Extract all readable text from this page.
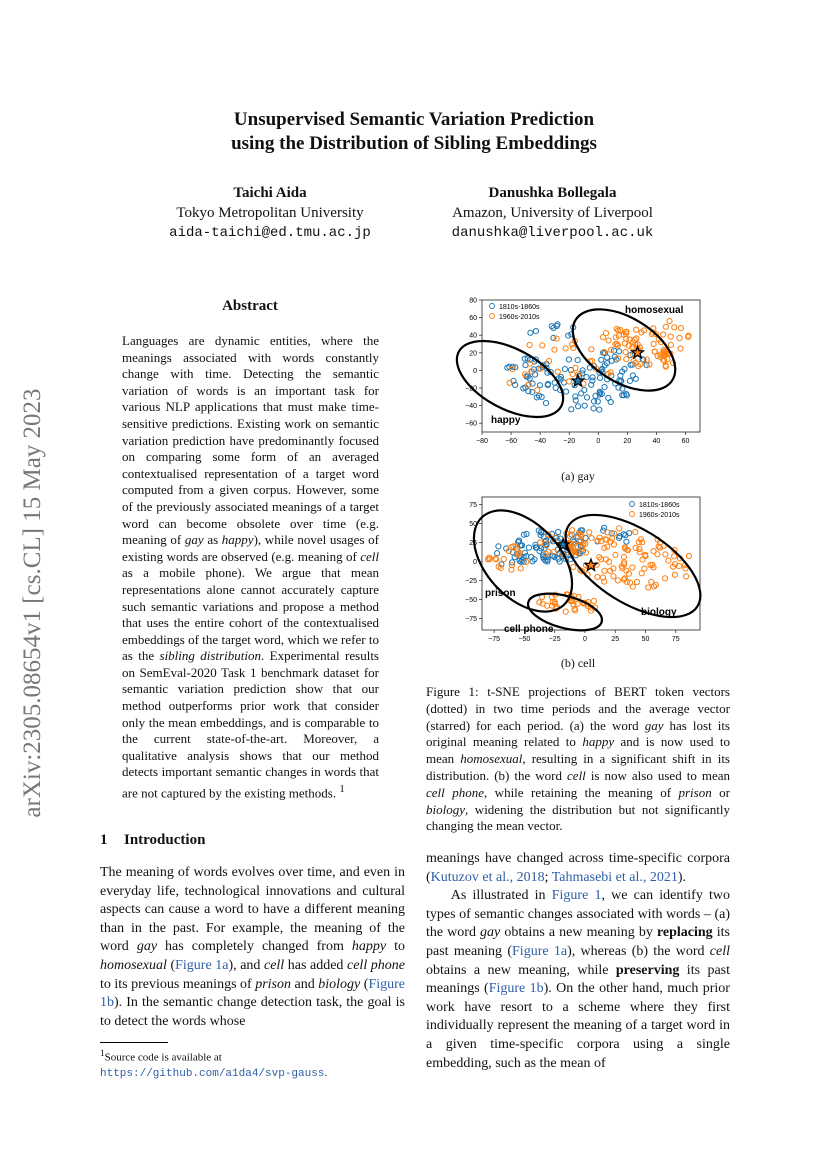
Unsupervised Semantic Variation Prediction
using the Distribution of Sibling Embeddings
Taichi Aida
Tokyo Metropolitan University
aida-taichi@ed.tmu.ac.jp
Danushka Bollegala
Amazon, University of Liverpool
danushka@liverpool.ac.uk
arXiv:2305.08654v1 [cs.CL] 15 May 2023
Abstract
Languages are dynamic entities, where the meanings associated with words constantly change with time. Detecting the semantic variation of words is an important task for various NLP applications that must make time-sensitive predictions. Existing work on semantic variation prediction have predominantly focused on comparing some form of an averaged contextualised representation of a target word computed from a given corpus. However, some of the previously associated meanings of a target word can become obsolete over time (e.g. meaning of gay as happy), while novel usages of existing words are observed (e.g. meaning of cell as a mobile phone). We argue that mean representations alone cannot accurately capture such semantic variations and propose a method that uses the entire cohort of the contextualised embeddings of the target word, which we refer to as the sibling distribution. Experimental results on SemEval-2020 Task 1 benchmark dataset for semantic variation prediction show that our method outperforms prior work that consider only the mean embeddings, and is comparable to the current state-of-the-art. Moreover, a qualitative analysis shows that our method detects important semantic changes in words that are not captured by the existing methods. $^1$
1 Introduction
The meaning of words evolves over time, and even in everyday life, technological innovations and cultural aspects can cause a word to have a different meaning than in the past. For example, the meaning of the word gay has completely changed from happy to homosexual (Figure 1a), and cell has added cell phone to its previous meanings of prison and biology (Figure 1b). In the semantic change detection task, the goal is to detect the words whose
$^1$Source code is available at https://github.com/a1da4/svp-gauss.
meanings have changed across time-specific corpora (Kutuzov et al., 2018; Tahmasebi et al., 2021).
As illustrated in Figure 1, we can identify two types of semantic changes associated with words – (a) the word gay obtains a new meaning by replacing its past meaning (Figure 1a), whereas (b) the word cell obtains a new meaning, while preserving its past meanings (Figure 1b). On the other hand, much prior work have resort to a scheme where they first individually represent the meaning of a target word in a given time-specific corpora using a single embedding, such as the mean of
homosexual
happy
1810s-1860s
1960s-2010s
−80 −60 −40 −20	0	20	40	60
−60
−40
−20
0
20
40
60
80
(a) gay
prison
cell phone
biology
1810s-1860s
1960s-2010s
−75	−50	−25	0	25	50	75
−75
−50
−25
0
25
50
75
(b) cell
Figure 1: t-SNE projections of BERT token vectors (dotted) in two time periods and the average vector (starred) for each period. (a) the word gay has lost its original meaning related to happy and is now used to mean homosexual, resulting in a significant shift in its distribution. (b) the word cell is now also used to mean cell phone, while retaining the meaning of prison or biology, widening the distribution but not significantly changing the mean vector.
